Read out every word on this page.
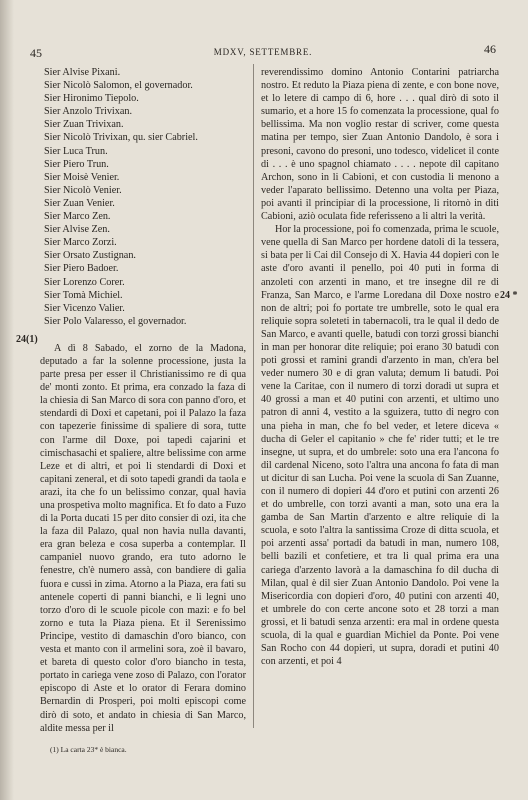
45	MDXV, SETTEMBRE.	46
24(1)
24 *
Sier Alvise Pixani.
Sier Nicolò Salomon, el governador.
Sier Hironimo Tiepolo.
Sier Anzolo Trivixan.
Sier Zuan Trivixan.
Sier Nicolò Trivixan, qu. sier Cabriel.
Sier Luca Trun.
Sier Piero Trun.
Sier Moisè Venier.
Sier Nicolò Venier.
Sier Zuan Venier.
Sier Marco Zen.
Sier Alvise Zen.
Sier Marco Zorzi.
Sier Orsato Zustignan.
Sier Piero Badoer.
Sier Lorenzo Corer.
Sier Tomà Michiel.
Sier Vicenzo Valier.
Sier Polo Valaresso, el governador.

A dì 8 Sabado, el zorno de la Madona, deputado a far la solenne processione, justa la parte presa per esser il Christianissimo re di qua de' monti zonto. Et prima, era conzado la faza di la chiesia di San Marco di sora con panno d'oro, et stendardi di Doxi et capetani, poi il Palazo la faza con tapezerie finissime di spaliere di sora, tutte con l'arme dil Doxe, poi tapedi cajarini et cimischasachi et spaliere, altre belissime con arme Leze et di altri, et poi li stendardi di Doxi et capitani zeneral, et di soto tapedi grandi da taola e arazi, ita che fo un belissimo conzar, qual havia una prospetiva molto magnifica. Et fo dato a Fuzo di la Porta ducati 15 per dito consier di ozi, ita che la faza dil Palazo, qual non havia nulla davanti, era gran beleza e cosa superba a contemplar. Il campaniel nuovo grando, era tuto adorno le fenestre, ch'è numero assà, con bandiere di galia fuora e cussì in zima. Atorno a la Piaza, era fati su antenele coperti di panni bianchi, e li legni uno torzo d'oro di le scuole picole con mazi: e fo bel zorno e tuta la Piaza piena. Et il Serenissimo Principe, vestito di damaschin d'oro bianco, con vesta et manto con il armelini sora, zoè il bavaro, et bareta di questo color d'oro biancho in testa, portato in cariega vene zoso di Palazo, con l'orator episcopo di Aste et lo orator di Ferara domino Bernardin di Prosperi, poi molti episcopi come dirò di soto, et andato in chiesia di San Marco, aldite messa per il

reverendissimo domino Antonio Contarini patriarcha nostro. Et reduto la Piaza piena di zente, e con bone nove, et lo letere di campo di 6, hore . . . qual dirò di soto il sumario, et a hore 15 fo comenzata la processione, qual fo bellissima. Ma non voglio restar di scriver, come questa matina per tempo, sier Zuan Antonio Dandolo, è sora i presoni, cavono do presoni, uno todesco, videlicet il conte di . . . è uno spagnol chiamato . . . . nepote dil capitano Archon, sono in li Cabioni, et con custodia li menono a veder l'aparato bellissimo. Detenno una volta per Piaza, poi avanti il principiar di la processione, li ritornò in diti Cabioni, aziò oculata fide referisseno a li altri la verità.

Hor la processione, poi fo comenzada, prima le scuole, vene quella di San Marco per hordene datoli di la tessera, si bata per li Cai dil Consejo di X. Havia 44 dopieri con le aste d'oro avanti il penello, poi 40 puti in forma di anzoleti con arzenti in mano, et tre insegne dil re di Franza, San Marco, e l'arme Loredana dil Doxe nostro e non de altri; poi fo portate tre umbrelle, soto le qual era reliquie sopra soleteti in tabernacoli, tra le qual il dedo de San Marco, e avanti quelle, batudi con torzi grossi bianchi in man per honorar dite reliquie; poi erano 30 batudi con poti grossi et ramini grandi d'arzento in man, ch'era bel veder numero 30 e di gran valuta; demum li batudi. Poi vene la Caritae, con il numero di torzi doradi ut supra et 40 grossi a man et 40 putini con arzenti, et ultimo uno patron di anni 4, vestito a la sguizera, tutto di negro con una pieha in man, che fo bel veder, et letere diceva « ducha di Geler el capitanio » che fe' rider tutti; et le tre insegne, ut supra, et do umbrele: soto una era l'ancona fo dil cardenal Niceno, soto l'altra una ancona fo fata di man ut dicitur di san Lucha. Poi vene la scuola di San Zuanne, con il numero di dopieri 44 d'oro et putini con arzenti 26 et do umbrelle, con torzi avanti a man, soto una era la gamba de San Martin d'arzento e altre reliquie di la scuola, e soto l'altra la santissima Croze di ditta scuola, et poi arzenti assa' portadi da batudi in man, numero 108, belli bazili et confetiere, et tra li qual prima era una cariega d'arzento lavorà a la damaschina fo dil ducha di Milan, qual è dil sier Zuan Antonio Dandolo. Poi vene la Misericordia con dopieri d'oro, 40 putini con arzenti 40, et umbrele do con certe ancone soto et 28 torzi a man grossi, et li batudi senza arzenti: era mal in ordene questa scuola, di la qual e guardian Michiel da Ponte. Poi vene San Rocho con 44 dopieri, ut supra, doradi et putini 40 con arzenti, et poi 4

(1) La carta 23* è bianca.
